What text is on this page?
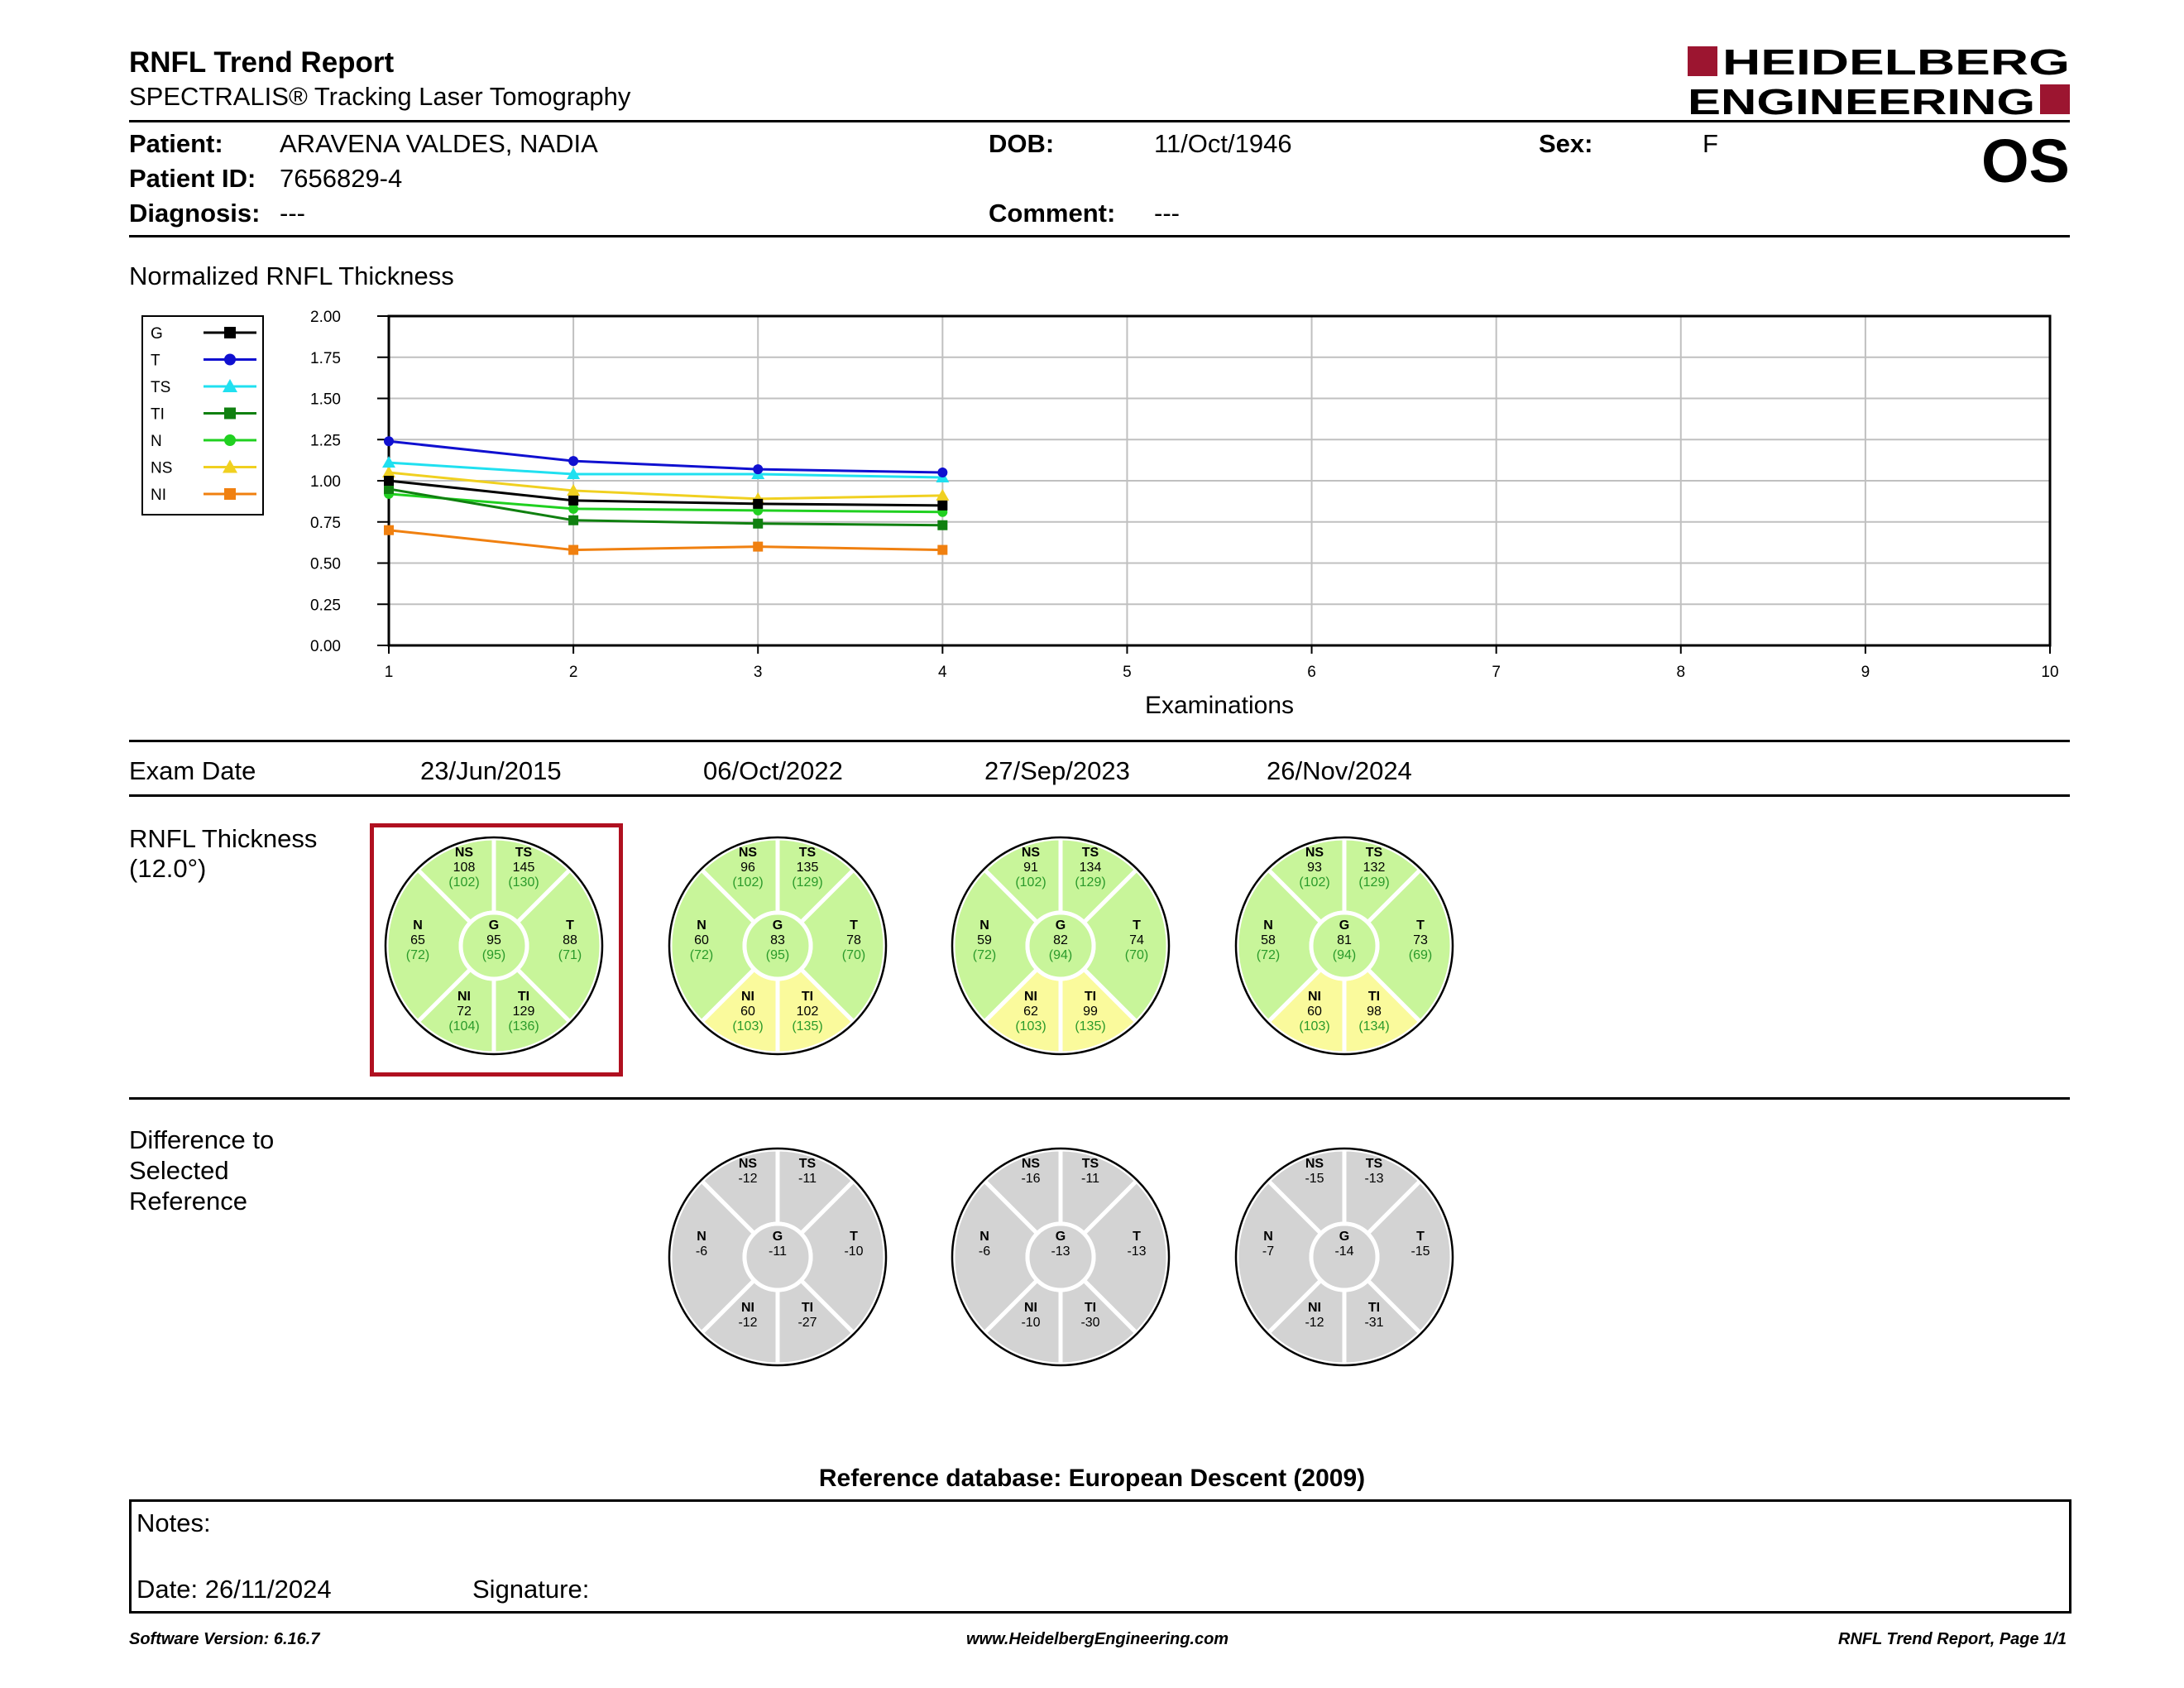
RNFL Trend Report
SPECTRALIS® Tracking Laser Tomography
HEIDELBERG
ENGINEERING
Patient: ARAVENA VALDES, NADIA
Patient ID: 7656829-4
Diagnosis: ---
DOB:	11/Oct/1946
Comment: ---
Sex:	F	OS
Normalized RNFL Thickness
1	2	3	4	5	6	7	8	9	10
0.00
0.25
0.50
0.75
1.00
1.25
1.50
1.75
2.00
Examinations
G
T
TS
TI
N
NS
NI
Exam Date	23/Jun/2015	06/Oct/2022	27/Sep/2023	26/Nov/2024
RNFL Thickness
(12.0°)
NS
108
(102)
TS
145
(130)
N
65
(72)
G
95
(95)
T
88
(71)
NI
72
(104)
TI
129
(136)
NS
96
(102)
TS
135
(129)
N
60
(72)
G
83
(95)
T
78
(70)
NI
60
(103)
TI
102
(135)
NS
91
(102)
TS
134
(129)
N
59
(72)
G
82
(94)
T
74
(70)
NI
62
(103)
TI
99
(135)
NS
93
(102)
TS
132
(129)
N
58
(72)
G
81
(94)
T
73
(69)
NI
60
(103)
TI
98
(134)
Difference to
Selected
Reference
NS
-12
TS
-11
N
-6
G
-11
T
-10
NI
-12
TI
-27
NS
-16
TS
-11
N
-6
G
-13
T
-13
NI
-10
TI
-30
NS
-15
TS
-13
N
-7
G
-14
T
-15
NI
-12
TI
-31
Reference database: European Descent (2009)
Notes:
Date: 26/11/2024	Signature:
Software Version: 6.16.7	www.HeidelbergEngineering.com	RNFL Trend Report, Page 1/1
